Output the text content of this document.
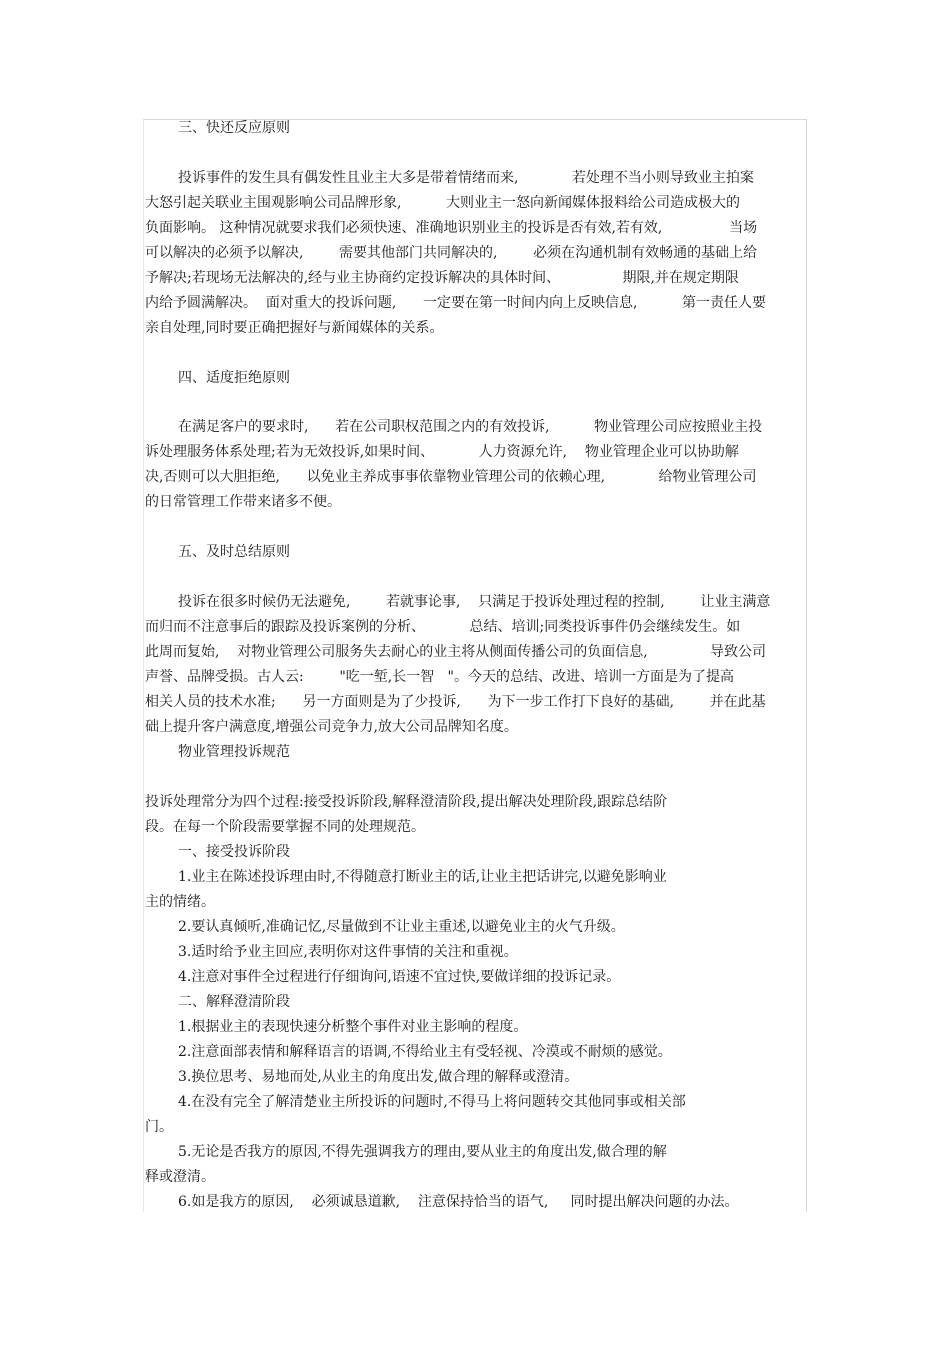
三、快还反应原则

投诉事件的发生具有偶发性且业主大多是带着情绪而来,            若处理不当小则导致业主拍案

大怒引起关联业主围观影响公司品牌形象,          大则业主一怒向新闻媒体报料给公司造成极大的

负面影响。 这种情况就要求我们必须快速、准确地识别业主的投诉是否有效,若有效,               当场

可以解决的必须予以解决,        需要其他部门共同解决的,        必须在沟通机制有效畅通的基础上给

予解决;若现场无法解决的,经与业主协商约定投诉解决的具体时间、              期限,并在规定期限

内给予圆满解决。  面对重大的投诉问题,      一定要在第一时间内向上反映信息,          第一责任人要

亲自处理,同时要正确把握好与新闻媒体的关系。

四、适度拒绝原则

在满足客户的要求时,      若在公司职权范围之内的有效投诉,          物业管理公司应按照业主投

诉处理服务体系处理;若为无效投诉,如果时间、          人力资源允许,    物业管理企业可以协助解

决,否则可以大胆拒绝,      以免业主养成事事依靠物业管理公司的依赖心理,            给物业管理公司

的日常管理工作带来诸多不便。

五、及时总结原则

投诉在很多时候仍无法避免,        若就事论事,    只满足于投诉处理过程的控制,        让业主满意

而归而不注意事后的跟踪及投诉案例的分析、          总结、培训;同类投诉事件仍会继续发生。如

此周而复始,    对物业管理公司服务失去耐心的业主将从侧面传播公司的负面信息,              导致公司

声誉、品牌受损。古人云:        "吃一堑,长一智   "。今天的总结、改进、培训一方面是为了提高

相关人员的技术水准;      另一方面则是为了少投诉,      为下一步工作打下良好的基础,        并在此基

础上提升客户满意度,增强公司竞争力,放大公司品牌知名度。

物业管理投诉规范

投诉处理常分为四个过程:接受投诉阶段,解释澄清阶段,提出解决处理阶段,跟踪总结阶

段。在每一个阶段需要掌握不同的处理规范。

一、接受投诉阶段

1.业主在陈述投诉理由时,不得随意打断业主的话,让业主把话讲完,以避免影响业

主的情绪。

2.要认真倾听,准确记忆,尽量做到不让业主重述,以避免业主的火气升级。

3.适时给予业主回应,表明你对这件事情的关注和重视。

4.注意对事件全过程进行仔细询问,语速不宜过快,要做详细的投诉记录。

二、解释澄清阶段

1.根据业主的表现快速分析整个事件对业主影响的程度。

2.注意面部表情和解释语言的语调,不得给业主有受轻视、冷漠或不耐烦的感觉。

3.换位思考、易地而处,从业主的角度出发,做合理的解释或澄清。

4.在没有完全了解清楚业主所投诉的问题时,不得马上将问题转交其他同事或相关部

门。

5.无论是否我方的原因,不得先强调我方的理由,要从业主的角度出发,做合理的解

释或澄清。

6.如是我方的原因,    必须诚恳道歉,    注意保持恰当的语气,     同时提出解决问题的办法。
